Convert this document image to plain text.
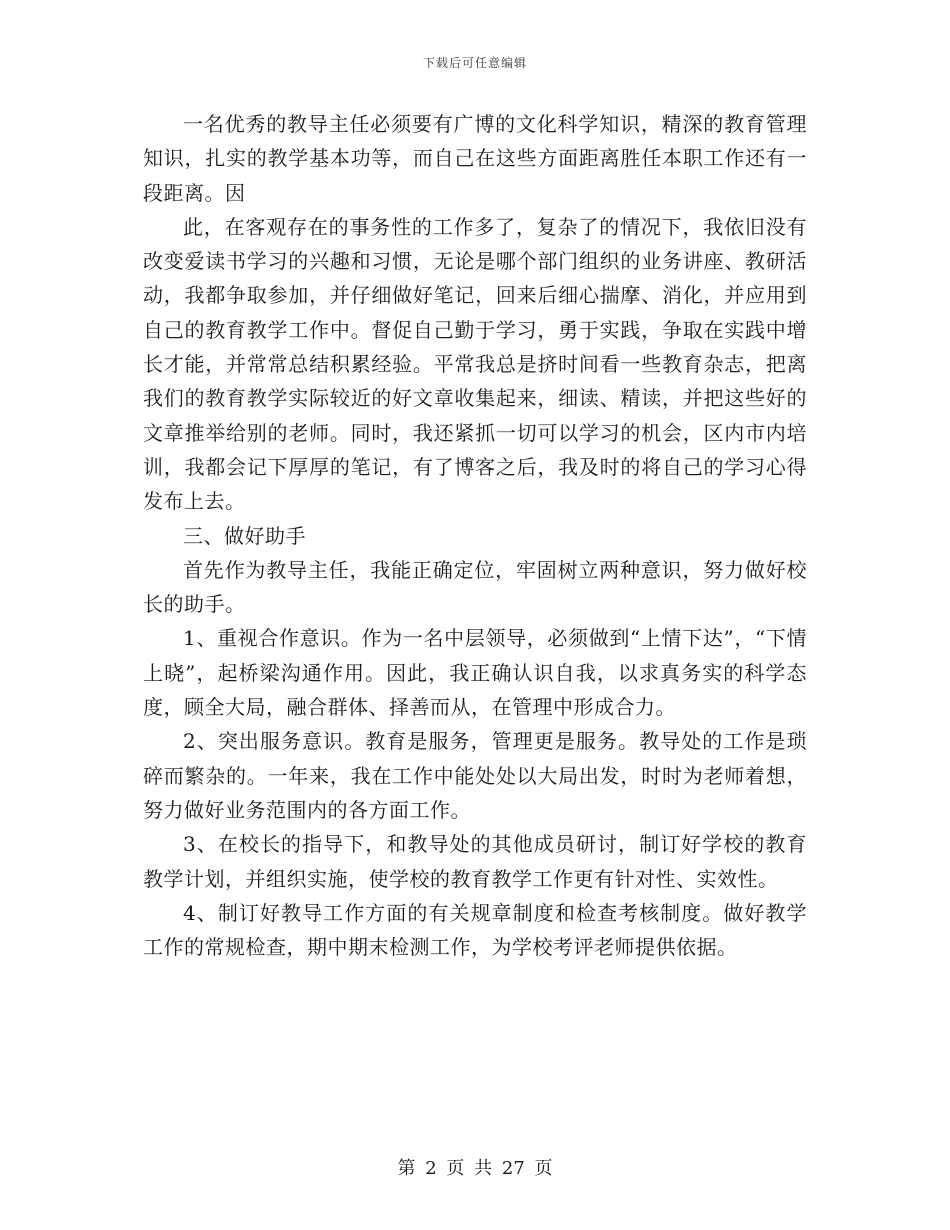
下载后可任意编辑

一名优秀的教导主任必须要有广博的文化科学知识，精深的教育管理知识，扎实的教学基本功等，而自己在这些方面距离胜任本职工作还有一段距离。因

此，在客观存在的事务性的工作多了，复杂了的情况下，我依旧没有改变爱读书学习的兴趣和习惯，无论是哪个部门组织的业务讲座、教研活动，我都争取参加，并仔细做好笔记，回来后细心揣摩、消化，并应用到自己的教育教学工作中。督促自己勤于学习，勇于实践，争取在实践中增长才能，并常常总结积累经验。平常我总是挤时间看一些教育杂志，把离我们的教育教学实际较近的好文章收集起来，细读、精读，并把这些好的文章推举给别的老师。同时，我还紧抓一切可以学习的机会，区内市内培训，我都会记下厚厚的笔记，有了博客之后，我及时的将自己的学习心得发布上去。

三、做好助手

首先作为教导主任，我能正确定位，牢固树立两种意识，努力做好校长的助手。

1、重视合作意识。作为一名中层领导，必须做到“上情下达”，“下情上晓”，起桥梁沟通作用。因此，我正确认识自我，以求真务实的科学态度，顾全大局，融合群体、择善而从，在管理中形成合力。

2、突出服务意识。教育是服务，管理更是服务。教导处的工作是琐碎而繁杂的。一年来，我在工作中能处处以大局出发，时时为老师着想，努力做好业务范围内的各方面工作。

3、在校长的指导下，和教导处的其他成员研讨，制订好学校的教育教学计划，并组织实施，使学校的教育教学工作更有针对性、实效性。

4、制订好教导工作方面的有关规章制度和检查考核制度。做好教学工作的常规检查，期中期末检测工作，为学校考评老师提供依据。

第 2 页 共 27 页
